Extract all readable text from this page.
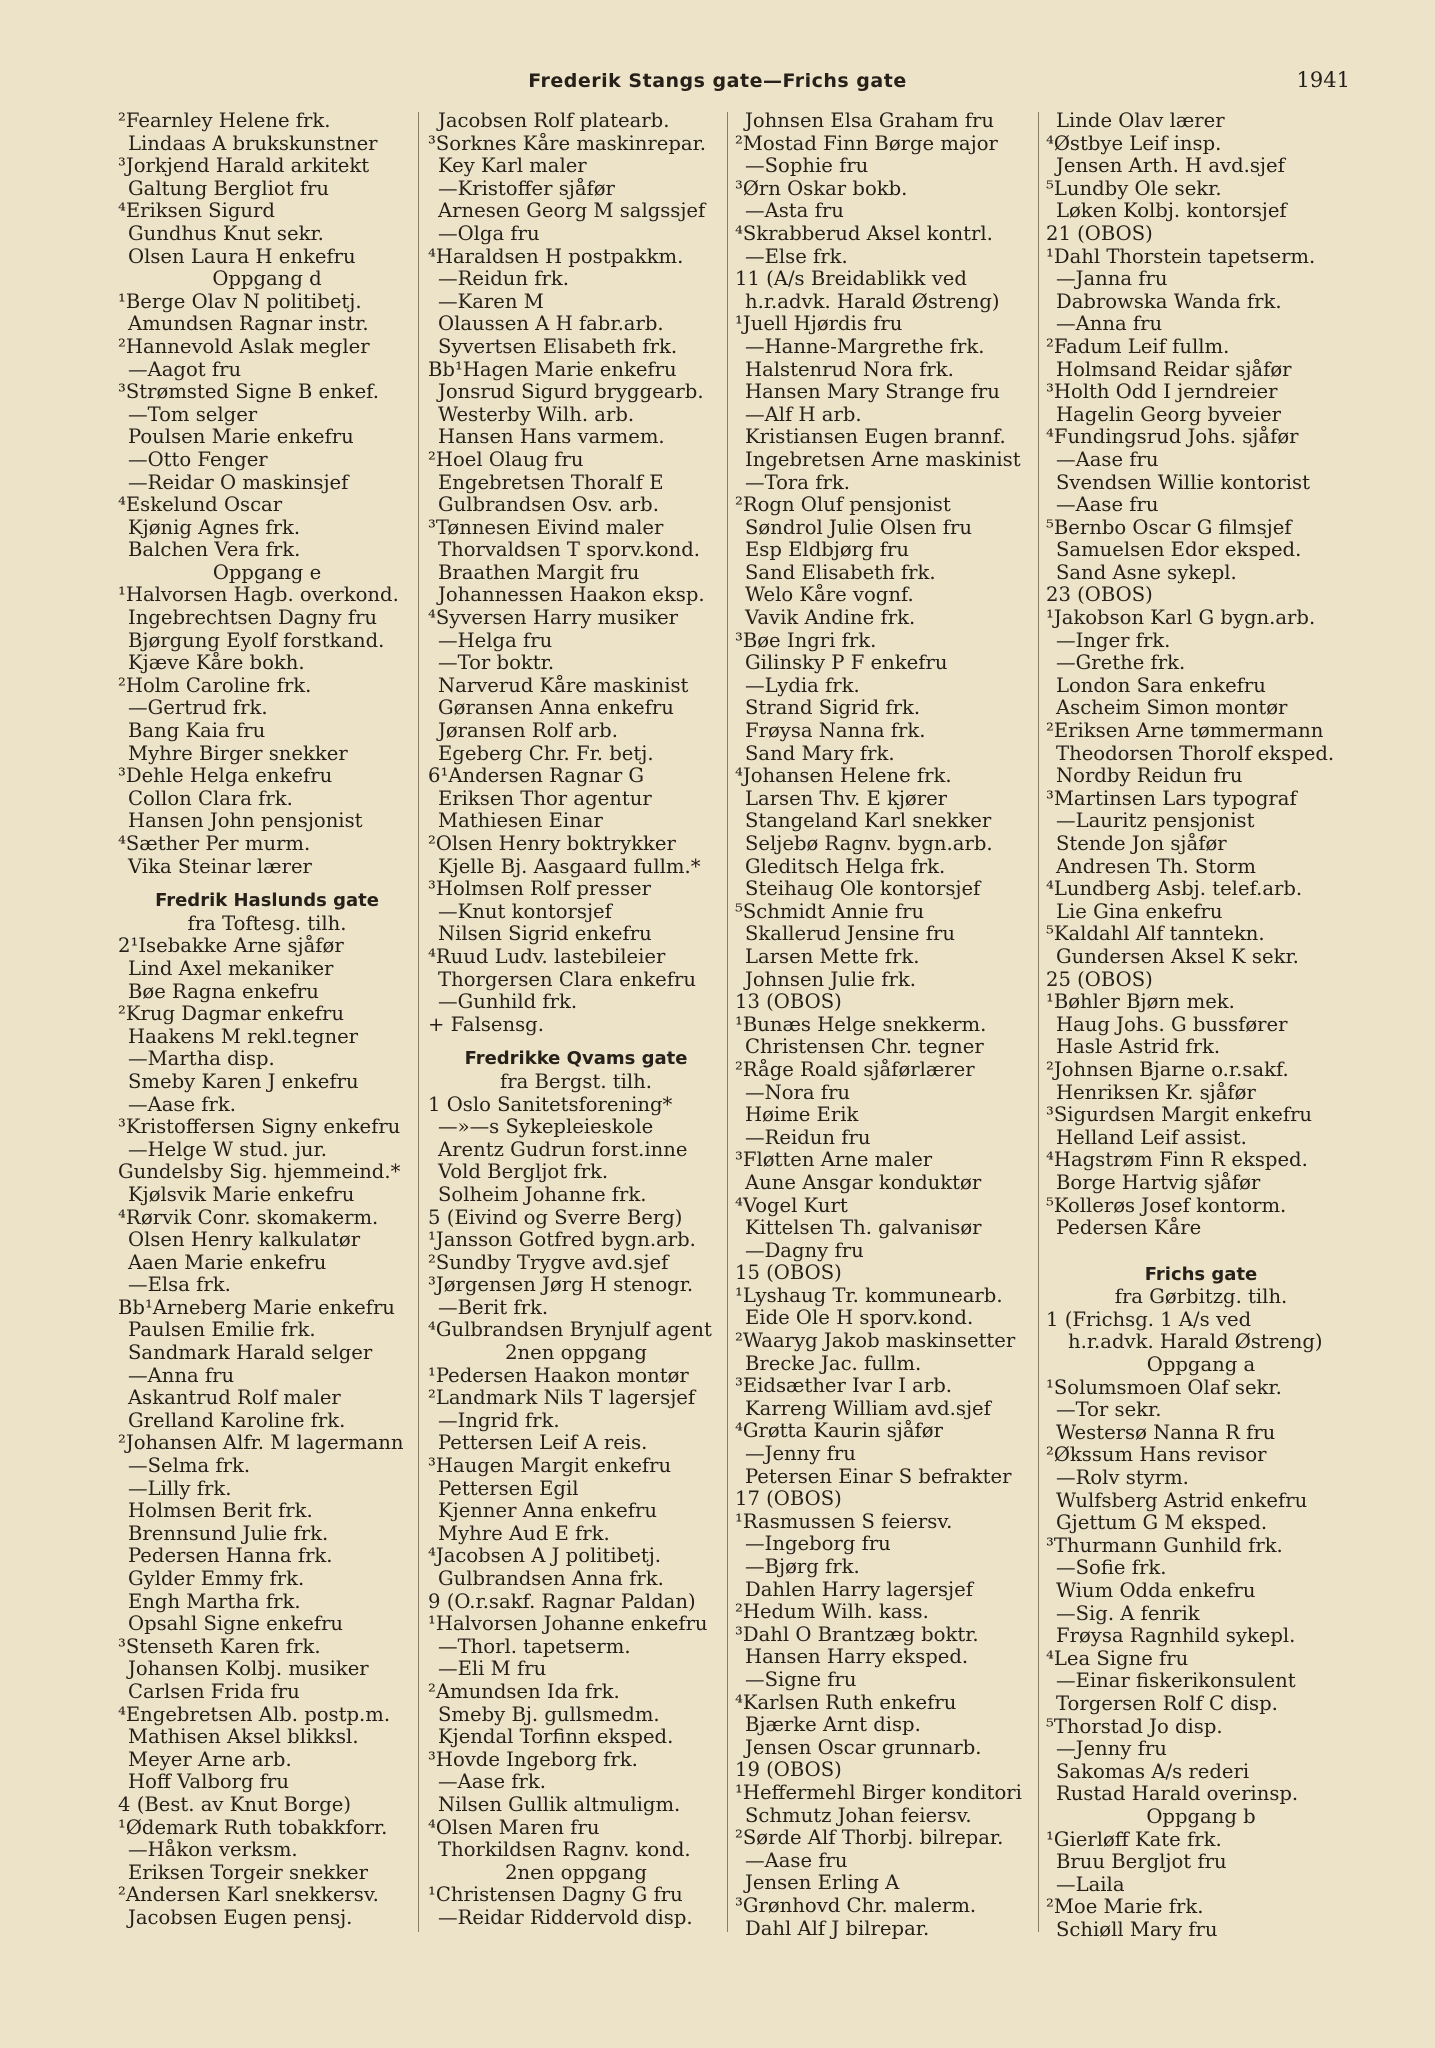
Frederik Stangs gate—Frichs gate	1941
²Fearnley Helene frk.
Lindaas A brukskunstner
³Jorkjend Harald arkitekt
Galtung Bergliot fru
⁴Eriksen Sigurd
Gundhus Knut sekr.
Olsen Laura H enkefru
Oppgang d
¹Berge Olav N politibetj.
Amundsen Ragnar instr.
²Hannevold Aslak megler
—Aagot fru
³Strømsted Signe B enkef.
—Tom selger
Poulsen Marie enkefru
—Otto Fenger
—Reidar O maskinsjef
⁴Eskelund Oscar
Kjønig Agnes frk.
Balchen Vera frk.
Oppgang e
¹Halvorsen Hagb. overkond.
Ingebrechtsen Dagny fru
Bjørgung Eyolf forstkand.
Kjæve Kåre bokh.
²Holm Caroline frk.
—Gertrud frk.
Bang Kaia fru
Myhre Birger snekker
³Dehle Helga enkefru
Collon Clara frk.
Hansen John pensjonist
⁴Sæther Per murm.
Vika Steinar lærer
Fredrik Haslunds gate
fra Toftesg. tilh.
2¹Isebakke Arne sjåfør
Lind Axel mekaniker
Bøe Ragna enkefru
²Krug Dagmar enkefru
Haakens M rekl.tegner
—Martha disp.
Smeby Karen J enkefru
—Aase frk.
³Kristoffersen Signy enkefru
—Helge W stud. jur.
Gundelsby Sig. hjemmeind.*
Kjølsvik Marie enkefru
⁴Rørvik Conr. skomakerm.
Olsen Henry kalkulatør
Aaen Marie enkefru
—Elsa frk.
Bb¹Arneberg Marie enkefru
Paulsen Emilie frk.
Sandmark Harald selger
—Anna fru
Askantrud Rolf maler
Grelland Karoline frk.
²Johansen Alfr. M lagermann
—Selma frk.
—Lilly frk.
Holmsen Berit frk.
Brennsund Julie frk.
Pedersen Hanna frk.
Gylder Emmy frk.
Engh Martha frk.
Opsahl Signe enkefru
³Stenseth Karen frk.
Johansen Kolbj. musiker
Carlsen Frida fru
⁴Engebretsen Alb. postp.m.
Mathisen Aksel blikksl.
Meyer Arne arb.
Hoff Valborg fru
4 (Best. av Knut Borge)
¹Ødemark Ruth tobakkforr.
—Håkon verksm.
Eriksen Torgeir snekker
²Andersen Karl snekkersv.
Jacobsen Eugen pensj.
Jacobsen Rolf platearb.
³Sorknes Kåre maskinrepar.
Key Karl maler
—Kristoffer sjåfør
Arnesen Georg M salgssjef
—Olga fru
⁴Haraldsen H postpakkm.
—Reidun frk.
—Karen M
Olaussen A H fabr.arb.
Syvertsen Elisabeth frk.
Bb¹Hagen Marie enkefru
Jonsrud Sigurd bryggearb.
Westerby Wilh. arb.
Hansen Hans varmem.
²Hoel Olaug fru
Engebretsen Thoralf E
Gulbrandsen Osv. arb.
³Tønnesen Eivind maler
Thorvaldsen T sporv.kond.
Braathen Margit fru
Johannessen Haakon eksp.
⁴Syversen Harry musiker
—Helga fru
—Tor boktr.
Narverud Kåre maskinist
Gøransen Anna enkefru
Jøransen Rolf arb.
Egeberg Chr. Fr. betj.
6¹Andersen Ragnar G
Eriksen Thor agentur
Mathiesen Einar
²Olsen Henry boktrykker
Kjelle Bj. Aasgaard fullm.*
³Holmsen Rolf presser
—Knut kontorsjef
Nilsen Sigrid enkefru
⁴Ruud Ludv. lastebileier
Thorgersen Clara enkefru
—Gunhild frk.
+ Falsensg.
Fredrikke Qvams gate
fra Bergst. tilh.
1 Oslo Sanitetsforening*
—»—s Sykepleieskole
Arentz Gudrun forst.inne
Vold Bergljot frk.
Solheim Johanne frk.
5 (Eivind og Sverre Berg)
¹Jansson Gotfred bygn.arb.
²Sundby Trygve avd.sjef
³Jørgensen Jørg H stenogr.
—Berit frk.
⁴Gulbrandsen Brynjulf agent
2nen oppgang
¹Pedersen Haakon montør
²Landmark Nils T lagersjef
—Ingrid frk.
Pettersen Leif A reis.
³Haugen Margit enkefru
Pettersen Egil
Kjenner Anna enkefru
Myhre Aud E frk.
⁴Jacobsen A J politibetj.
Gulbrandsen Anna frk.
9 (O.r.sakf. Ragnar Paldan)
¹Halvorsen Johanne enkefru
—Thorl. tapetserm.
—Eli M fru
²Amundsen Ida frk.
Smeby Bj. gullsmedm.
Kjendal Torfinn eksped.
³Hovde Ingeborg frk.
—Aase frk.
Nilsen Gullik altmuligm.
⁴Olsen Maren fru
Thorkildsen Ragnv. kond.
2nen oppgang
¹Christensen Dagny G fru
—Reidar Riddervold disp.
Johnsen Elsa Graham fru
²Mostad Finn Børge major
—Sophie fru
³Ørn Oskar bokb.
—Asta fru
⁴Skrabberud Aksel kontrl.
—Else frk.
11 (A/s Breidablikk ved
h.r.advk. Harald Østreng)
¹Juell Hjørdis fru
—Hanne-Margrethe frk.
Halstenrud Nora frk.
Hansen Mary Strange fru
—Alf H arb.
Kristiansen Eugen brannf.
Ingebretsen Arne maskinist
—Tora frk.
²Rogn Oluf pensjonist
Søndrol Julie Olsen fru
Esp Eldbjørg fru
Sand Elisabeth frk.
Welo Kåre vognf.
Vavik Andine frk.
³Bøe Ingri frk.
Gilinsky P F enkefru
—Lydia frk.
Strand Sigrid frk.
Frøysa Nanna frk.
Sand Mary frk.
⁴Johansen Helene frk.
Larsen Thv. E kjører
Stangeland Karl snekker
Seljebø Ragnv. bygn.arb.
Gleditsch Helga frk.
Steihaug Ole kontorsjef
⁵Schmidt Annie fru
Skallerud Jensine fru
Larsen Mette frk.
Johnsen Julie frk.
13 (OBOS)
¹Bunæs Helge snekkerm.
Christensen Chr. tegner
²Råge Roald sjåførlærer
—Nora fru
Høime Erik
—Reidun fru
³Fløtten Arne maler
Aune Ansgar konduktør
⁴Vogel Kurt
Kittelsen Th. galvanisør
—Dagny fru
15 (OBOS)
¹Lyshaug Tr. kommunearb.
Eide Ole H sporv.kond.
²Waaryg Jakob maskinsetter
Brecke Jac. fullm.
³Eidsæther Ivar I arb.
Karreng William avd.sjef
⁴Grøtta Kaurin sjåfør
—Jenny fru
Petersen Einar S befrakter
17 (OBOS)
¹Rasmussen S feiersv.
—Ingeborg fru
—Bjørg frk.
Dahlen Harry lagersjef
²Hedum Wilh. kass.
³Dahl O Brantzæg boktr.
Hansen Harry eksped.
—Signe fru
⁴Karlsen Ruth enkefru
Bjærke Arnt disp.
Jensen Oscar grunnarb.
19 (OBOS)
¹Heffermehl Birger konditori
Schmutz Johan feiersv.
²Sørde Alf Thorbj. bilrepar.
—Aase fru
Jensen Erling A
³Grønhovd Chr. malerm.
Dahl Alf J bilrepar.
Linde Olav lærer
⁴Østbye Leif insp.
Jensen Arth. H avd.sjef
⁵Lundby Ole sekr.
Løken Kolbj. kontorsjef
21 (OBOS)
¹Dahl Thorstein tapetserm.
—Janna fru
Dabrowska Wanda frk.
—Anna fru
²Fadum Leif fullm.
Holmsand Reidar sjåfør
³Holth Odd I jerndreier
Hagelin Georg byveier
⁴Fundingsrud Johs. sjåfør
—Aase fru
Svendsen Willie kontorist
—Aase fru
⁵Bernbo Oscar G filmsjef
Samuelsen Edor eksped.
Sand Asne sykepl.
23 (OBOS)
¹Jakobson Karl G bygn.arb.
—Inger frk.
—Grethe frk.
London Sara enkefru
Ascheim Simon montør
²Eriksen Arne tømmermann
Theodorsen Thorolf eksped.
Nordby Reidun fru
³Martinsen Lars typograf
—Lauritz pensjonist
Stende Jon sjåfør
Andresen Th. Storm
⁴Lundberg Asbj. telef.arb.
Lie Gina enkefru
⁵Kaldahl Alf tanntekn.
Gundersen Aksel K sekr.
25 (OBOS)
¹Bøhler Bjørn mek.
Haug Johs. G bussfører
Hasle Astrid frk.
²Johnsen Bjarne o.r.sakf.
Henriksen Kr. sjåfør
³Sigurdsen Margit enkefru
Helland Leif assist.
⁴Hagstrøm Finn R eksped.
Borge Hartvig sjåfør
⁵Kollerøs Josef kontorm.
Pedersen Kåre
Frichs gate
fra Gørbitzg. tilh.
1 (Frichsg. 1 A/s ved
h.r.advk. Harald Østreng)
Oppgang a
¹Solumsmoen Olaf sekr.
—Tor sekr.
Westersø Nanna R fru
²Økssum Hans revisor
—Rolv styrm.
Wulfsberg Astrid enkefru
Gjettum G M eksped.
³Thurmann Gunhild frk.
—Sofie frk.
Wium Odda enkefru
—Sig. A fenrik
Frøysa Ragnhild sykepl.
⁴Lea Signe fru
—Einar fiskerikonsulent
Torgersen Rolf C disp.
⁵Thorstad Jo disp.
—Jenny fru
Sakomas A/s rederi
Rustad Harald overinsp.
Oppgang b
¹Gierløff Kate frk.
Bruu Bergljot fru
—Laila
²Moe Marie frk.
Schiøll Mary fru
